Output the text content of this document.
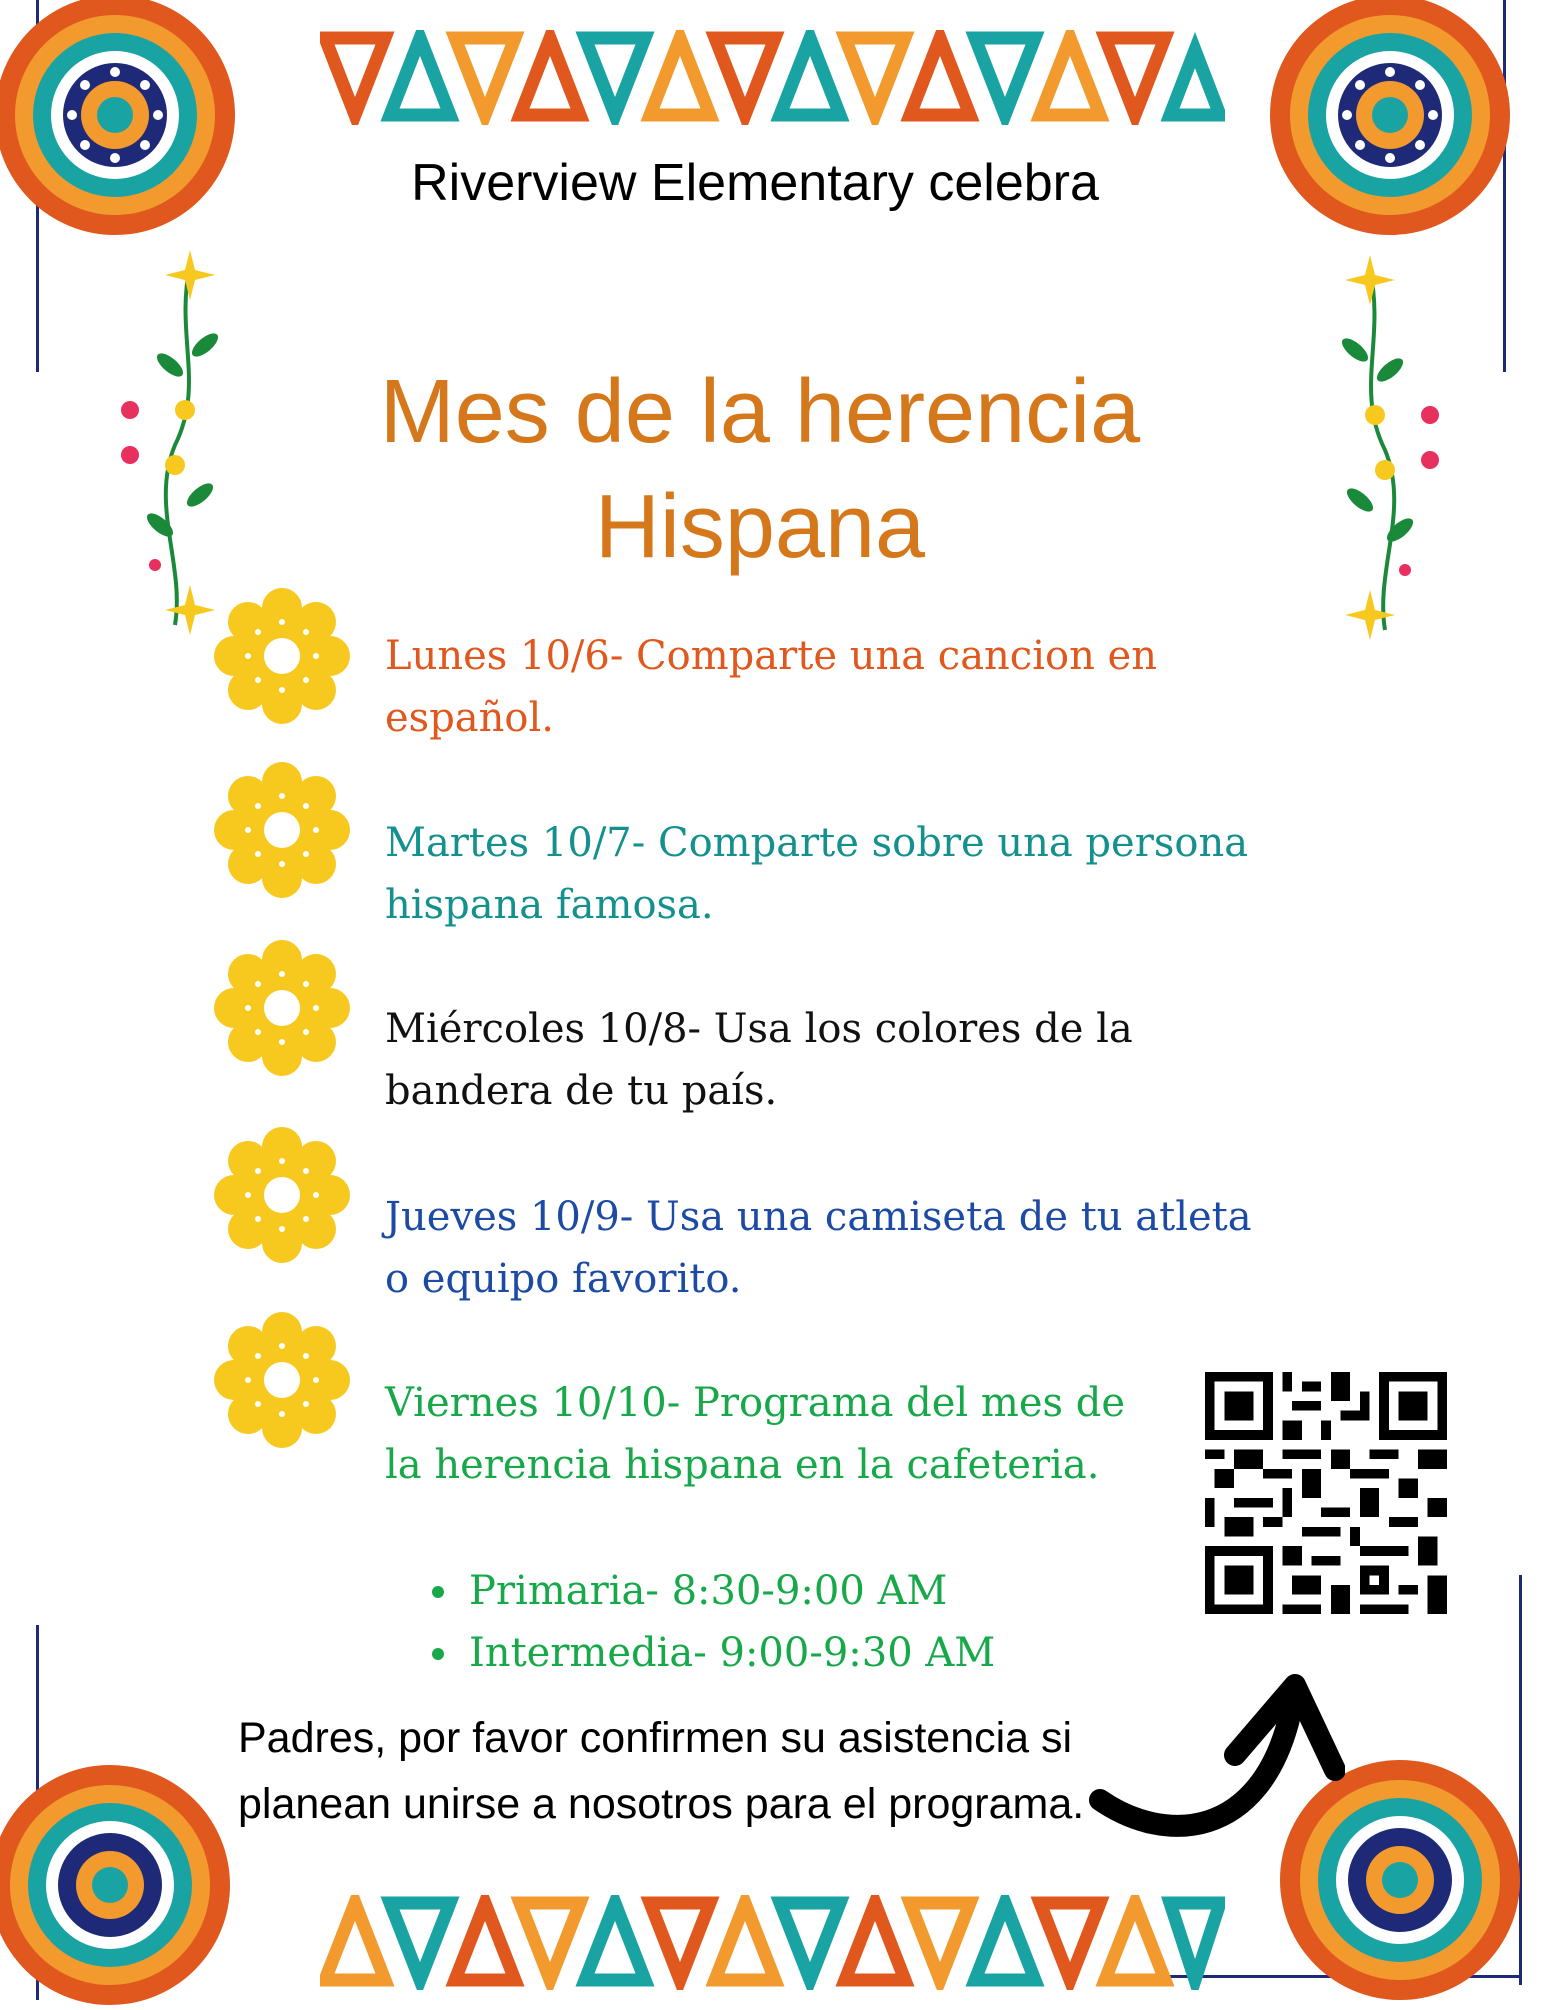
Riverview Elementary celebra
Mes de la herencia
Hispana
Lunes 10/6- Comparte una cancion en español.
Martes 10/7- Comparte sobre una persona hispana famosa.
Miércoles 10/8- Usa los colores de la bandera de tu país.
Jueves 10/9- Usa una camiseta de tu atleta o equipo favorito.
Viernes 10/10- Programa del mes de la herencia hispana en la cafeteria.
• Primaria- 8:30-9:00 AM
• Intermedia- 9:00-9:30 AM
Padres, por favor confirmen su asistencia si planean unirse a nosotros para el programa.
